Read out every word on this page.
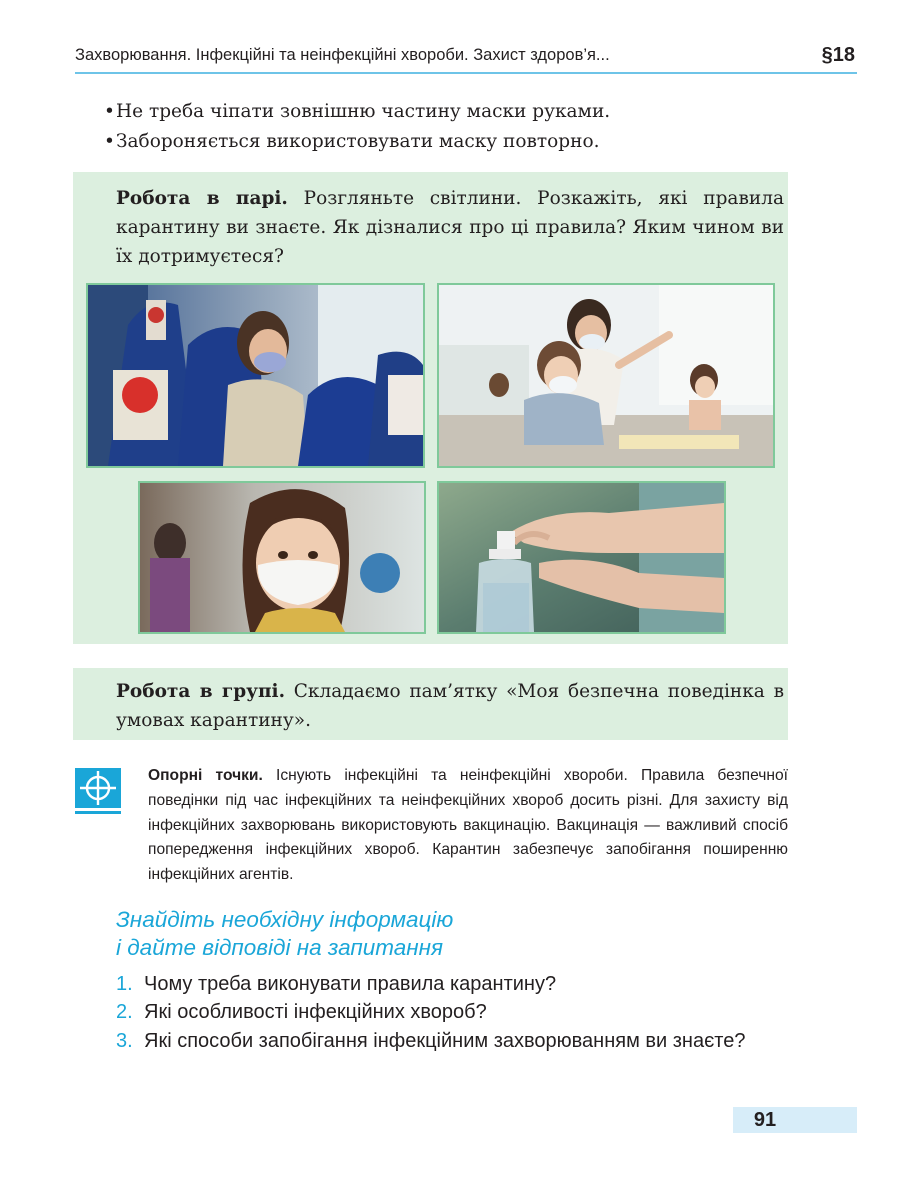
Захворювання. Інфекційні та неінфекційні хвороби. Захист здоров’я...	§18
• Не треба чіпати зовнішню частину маски руками.
• Забороняється використовувати маску повторно.
Робота в парі. Розгляньте світлини. Розкажіть, які правила карантину ви знаєте. Як дізналися про ці правила? Яким чином ви їх дотримуєтеся?
Робота в групі. Складаємо пам’ятку «Моя безпечна поведінка в умовах карантину».
Опорні точки. Існують інфекційні та неінфекційні хвороби. Правила безпечної поведінки під час інфекційних та неінфекційних хвороб досить різні. Для захисту від інфекційних захворювань використовують вакцинацію. Вакцинація — важливий спосіб попередження інфекційних хвороб. Карантин забезпечує запобігання поширенню інфекційних агентів.
Знайдіть необхідну інформацію
і дайте відповіді на запитання
1. Чому треба виконувати правила карантину?
2. Які особливості інфекційних хвороб?
3. Які способи запобігання інфекційним захворюванням ви знаєте?
91
